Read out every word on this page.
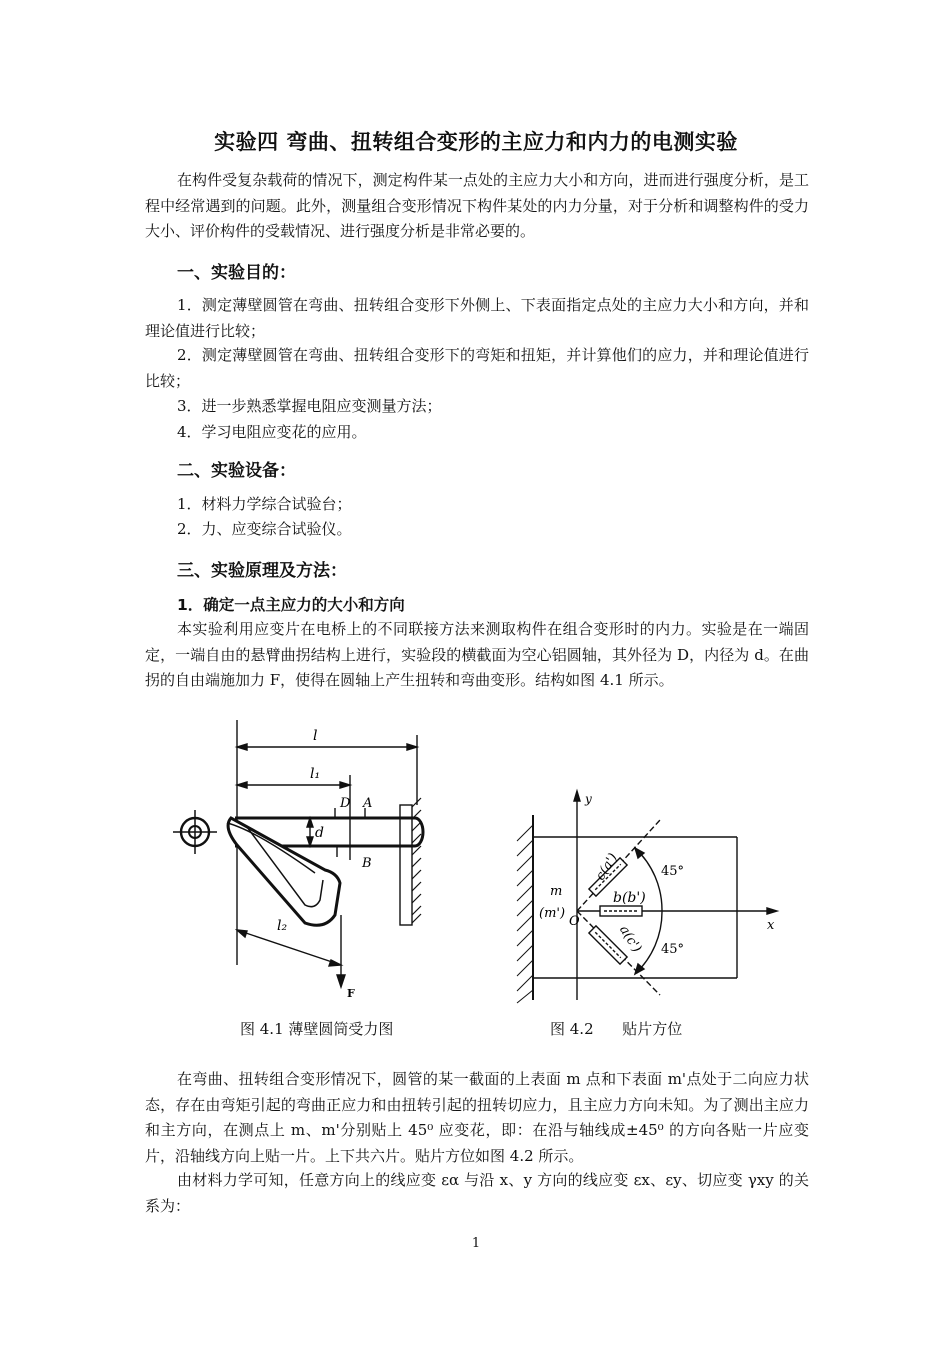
实验四 弯曲、扭转组合变形的主应力和内力的电测实验
在构件受复杂载荷的情况下，测定构件某一点处的主应力大小和方向，进而进行强度分析，是工程中经常遇到的问题。此外，测量组合变形情况下构件某处的内力分量，对于分析和调整构件的受力大小、评价构件的受载情况、进行强度分析是非常必要的。
一、实验目的：
1．测定薄壁圆管在弯曲、扭转组合变形下外侧上、下表面指定点处的主应力大小和方向，并和理论值进行比较；
2．测定薄壁圆管在弯曲、扭转组合变形下的弯矩和扭矩，并计算他们的应力，并和理论值进行比较；
3．进一步熟悉掌握电阻应变测量方法；
4．学习电阻应变花的应用。
二、实验设备：
1．材料力学综合试验台；
2．力、应变综合试验仪。
三、实验原理及方法：
1．确定一点主应力的大小和方向
本实验利用应变片在电桥上的不同联接方法来测取构件在组合变形时的内力。实验是在一端固定，一端自由的悬臂曲拐结构上进行，实验段的横截面为空心铝圆轴，其外径为 D，内径为 d。在曲拐的自由端施加力 F，使得在圆轴上产生扭转和弯曲变形。结构如图 4.1 所示。
l
l₁
D A
d
B
l₂
F
y
x
m
(m')
O
c(a')
b(b')
a(c')
45°
45°
图 4.1 薄壁圆筒受力图	图 4.2      贴片方位
在弯曲、扭转组合变形情况下，圆管的某一截面的上表面 m 点和下表面 m'点处于二向应力状态，存在由弯矩引起的弯曲正应力和由扭转引起的扭转切应力，且主应力方向未知。为了测出主应力和主方向，在测点上 m、m'分别贴上 45⁰ 应变花，即：在沿与轴线成±45⁰ 的方向各贴一片应变片，沿轴线方向上贴一片。上下共六片。贴片方位如图 4.2 所示。
由材料力学可知，任意方向上的线应变 εα 与沿 x、y 方向的线应变 εx、εy、切应变 γxy 的关系为：
1
